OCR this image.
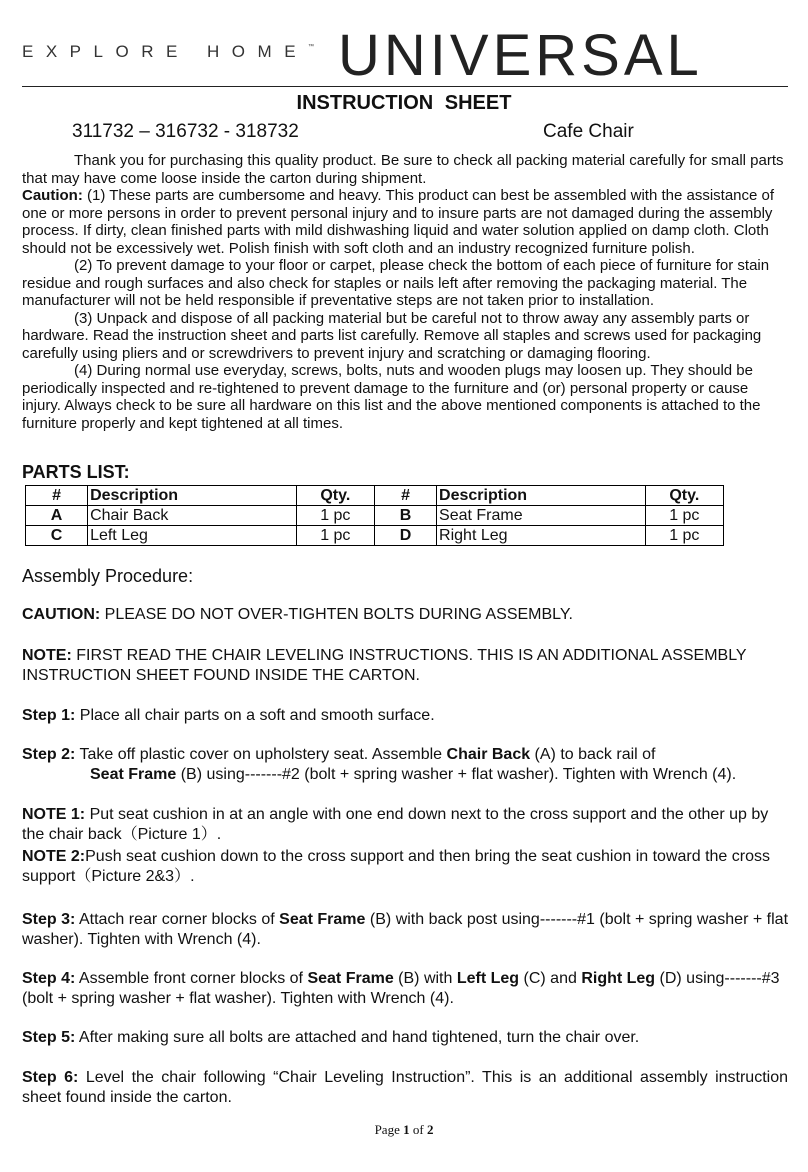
EXPLORE HOME™ UNIVERSAL
INSTRUCTION SHEET
311732 – 316732 - 318732	Cafe Chair

Thank you for purchasing this quality product. Be sure to check all packing material carefully for small parts that may have come loose inside the carton during shipment.

Caution: (1) These parts are cumbersome and heavy. This product can best be assembled with the assistance of one or more persons in order to prevent personal injury and to insure parts are not damaged during the assembly process. If dirty, clean finished parts with mild dishwashing liquid and water solution applied on damp cloth. Cloth should not be excessively wet. Polish finish with soft cloth and an industry recognized furniture polish.

(2) To prevent damage to your floor or carpet, please check the bottom of each piece of furniture for stain residue and rough surfaces and also check for staples or nails left after removing the packaging material. The manufacturer will not be held responsible if preventative steps are not taken prior to installation.

(3) Unpack and dispose of all packing material but be careful not to throw away any assembly parts or hardware. Read the instruction sheet and parts list carefully. Remove all staples and screws used for packaging carefully using pliers and or screwdrivers to prevent injury and scratching or damaging flooring.

(4) During normal use everyday, screws, bolts, nuts and wooden plugs may loosen up. They should be periodically inspected and re-tightened to prevent damage to the furniture and (or) personal property or cause injury. Always check to be sure all hardware on this list and the above mentioned components is attached to the furniture properly and kept tightened at all times.

PARTS LIST:
#	Description	Qty.	#	Description	Qty.
A	Chair Back	1 pc	B	Seat Frame	1 pc
C	Left Leg	1 pc	D	Right Leg	1 pc
Assembly Procedure:
CAUTION: PLEASE DO NOT OVER-TIGHTEN BOLTS DURING ASSEMBLY.
NOTE: FIRST READ THE CHAIR LEVELING INSTRUCTIONS. THIS IS AN ADDITIONAL ASSEMBLY INSTRUCTION SHEET FOUND INSIDE THE CARTON.
Step 1: Place all chair parts on a soft and smooth surface.
Step 2: Take off plastic cover on upholstery seat. Assemble Chair Back (A) to back rail of
Seat Frame (B) using-------#2 (bolt + spring washer + flat washer). Tighten with Wrench (4).
NOTE 1: Put seat cushion in at an angle with one end down next to the cross support and the other up by the chair back（Picture 1）.
NOTE 2:Push seat cushion down to the cross support and then bring the seat cushion in toward the cross support（Picture 2&3）.
Step 3: Attach rear corner blocks of Seat Frame (B) with back post using-------#1 (bolt + spring washer + flat washer). Tighten with Wrench (4).
Step 4: Assemble front corner blocks of Seat Frame (B) with Left Leg (C) and Right Leg (D) using-------#3 (bolt + spring washer + flat washer). Tighten with Wrench (4).
Step 5: After making sure all bolts are attached and hand tightened, turn the chair over.
Step 6: Level the chair following “Chair Leveling Instruction”. This is an additional assembly instruction sheet found inside the carton.
Page 1 of 2
